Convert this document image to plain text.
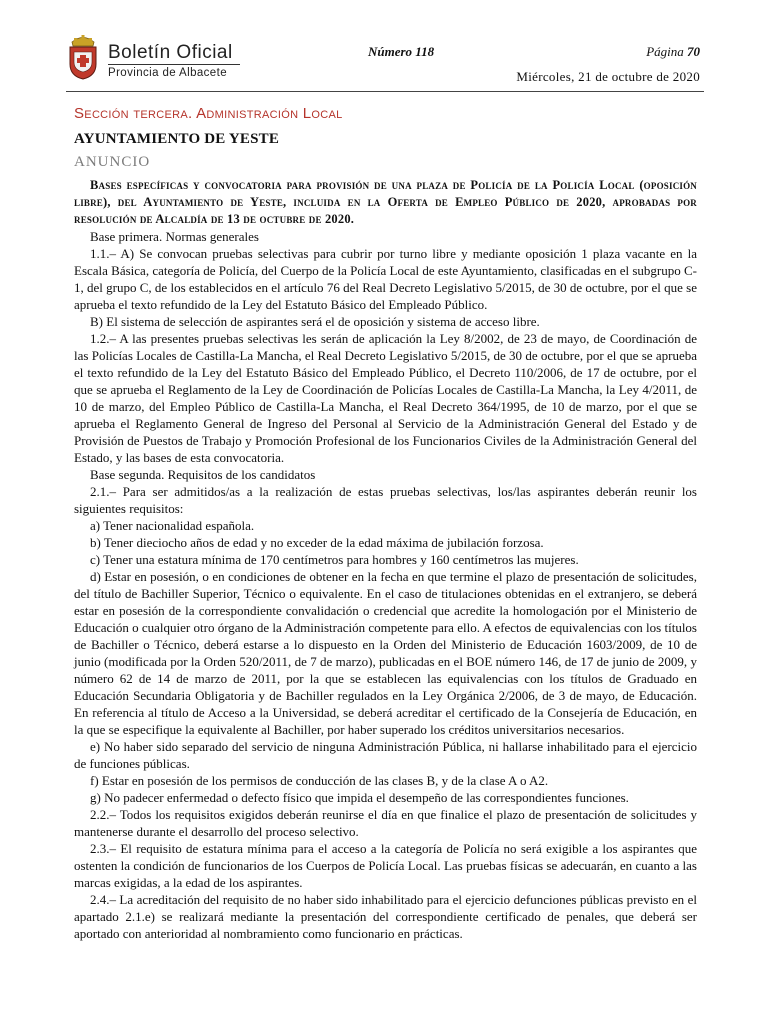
Boletín Oficial
Provincia de Albacete
Número 118	Página 70
Miércoles, 21 de octubre de 2020
Sección tercera. Administración Local
AYUNTAMIENTO DE YESTE
ANUNCIO

Bases específicas y convocatoria para provisión de una plaza de Policía de la Policía Local (oposición libre), del Ayuntamiento de Yeste, incluida en la Oferta de Empleo Público de 2020, aprobadas por resolución de Alcaldía de 13 de octubre de 2020.

Base primera. Normas generales

1.1.– A) Se convocan pruebas selectivas para cubrir por turno libre y mediante oposición 1 plaza vacante en la Escala Básica, categoría de Policía, del Cuerpo de la Policía Local de este Ayuntamiento, clasificadas en el subgrupo C-1, del grupo C, de los establecidos en el artículo 76 del Real Decreto Legislativo 5/2015, de 30 de octubre, por el que se aprueba el texto refundido de la Ley del Estatuto Básico del Empleado Público.

B) El sistema de selección de aspirantes será el de oposición y sistema de acceso libre.

1.2.– A las presentes pruebas selectivas les serán de aplicación la Ley 8/2002, de 23 de mayo, de Coordinación de las Policías Locales de Castilla-La Mancha, el Real Decreto Legislativo 5/2015, de 30 de octubre, por el que se aprueba el texto refundido de la Ley del Estatuto Básico del Empleado Público, el Decreto 110/2006, de 17 de octubre, por el que se aprueba el Reglamento de la Ley de Coordinación de Policías Locales de Castilla-La Mancha, la Ley 4/2011, de 10 de marzo, del Empleo Público de Castilla-La Mancha, el Real Decreto 364/1995, de 10 de marzo, por el que se aprueba el Reglamento General de Ingreso del Personal al Servicio de la Administración General del Estado y de Provisión de Puestos de Trabajo y Promoción Profesional de los Funcionarios Civiles de la Administración General del Estado, y las bases de esta convocatoria.

Base segunda. Requisitos de los candidatos

2.1.– Para ser admitidos/as a la realización de estas pruebas selectivas, los/las aspirantes deberán reunir los siguientes requisitos:

a) Tener nacionalidad española.

b) Tener dieciocho años de edad y no exceder de la edad máxima de jubilación forzosa.

c) Tener una estatura mínima de 170 centímetros para hombres y 160 centímetros las mujeres.

d) Estar en posesión, o en condiciones de obtener en la fecha en que termine el plazo de presentación de solicitudes, del título de Bachiller Superior, Técnico o equivalente. En el caso de titulaciones obtenidas en el extranjero, se deberá estar en posesión de la correspondiente convalidación o credencial que acredite la homologación por el Ministerio de Educación o cualquier otro órgano de la Administración competente para ello. A efectos de equivalencias con los títulos de Bachiller o Técnico, deberá estarse a lo dispuesto en la Orden del Ministerio de Educación 1603/2009, de 10 de junio (modificada por la Orden 520/2011, de 7 de marzo), publicadas en el BOE número 146, de 17 de junio de 2009, y número 62 de 14 de marzo de 2011, por la que se establecen las equivalencias con los títulos de Graduado en Educación Secundaria Obligatoria y de Bachiller regulados en la Ley Orgánica 2/2006, de 3 de mayo, de Educación. En referencia al título de Acceso a la Universidad, se deberá acreditar el certificado de la Consejería de Educación, en la que se especifique la equivalente al Bachiller, por haber superado los créditos universitarios necesarios.

e) No haber sido separado del servicio de ninguna Administración Pública, ni hallarse inhabilitado para el ejercicio de funciones públicas.

f) Estar en posesión de los permisos de conducción de las clases B, y de la clase A o A2.

g) No padecer enfermedad o defecto físico que impida el desempeño de las correspondientes funciones.

2.2.– Todos los requisitos exigidos deberán reunirse el día en que finalice el plazo de presentación de solicitudes y mantenerse durante el desarrollo del proceso selectivo.

2.3.– El requisito de estatura mínima para el acceso a la categoría de Policía no será exigible a los aspirantes que ostenten la condición de funcionarios de los Cuerpos de Policía Local. Las pruebas físicas se adecuarán, en cuanto a las marcas exigidas, a la edad de los aspirantes.

2.4.– La acreditación del requisito de no haber sido inhabilitado para el ejercicio defunciones públicas previsto en el apartado 2.1.e) se realizará mediante la presentación del correspondiente certificado de penales, que deberá ser aportado con anterioridad al nombramiento como funcionario en prácticas.
